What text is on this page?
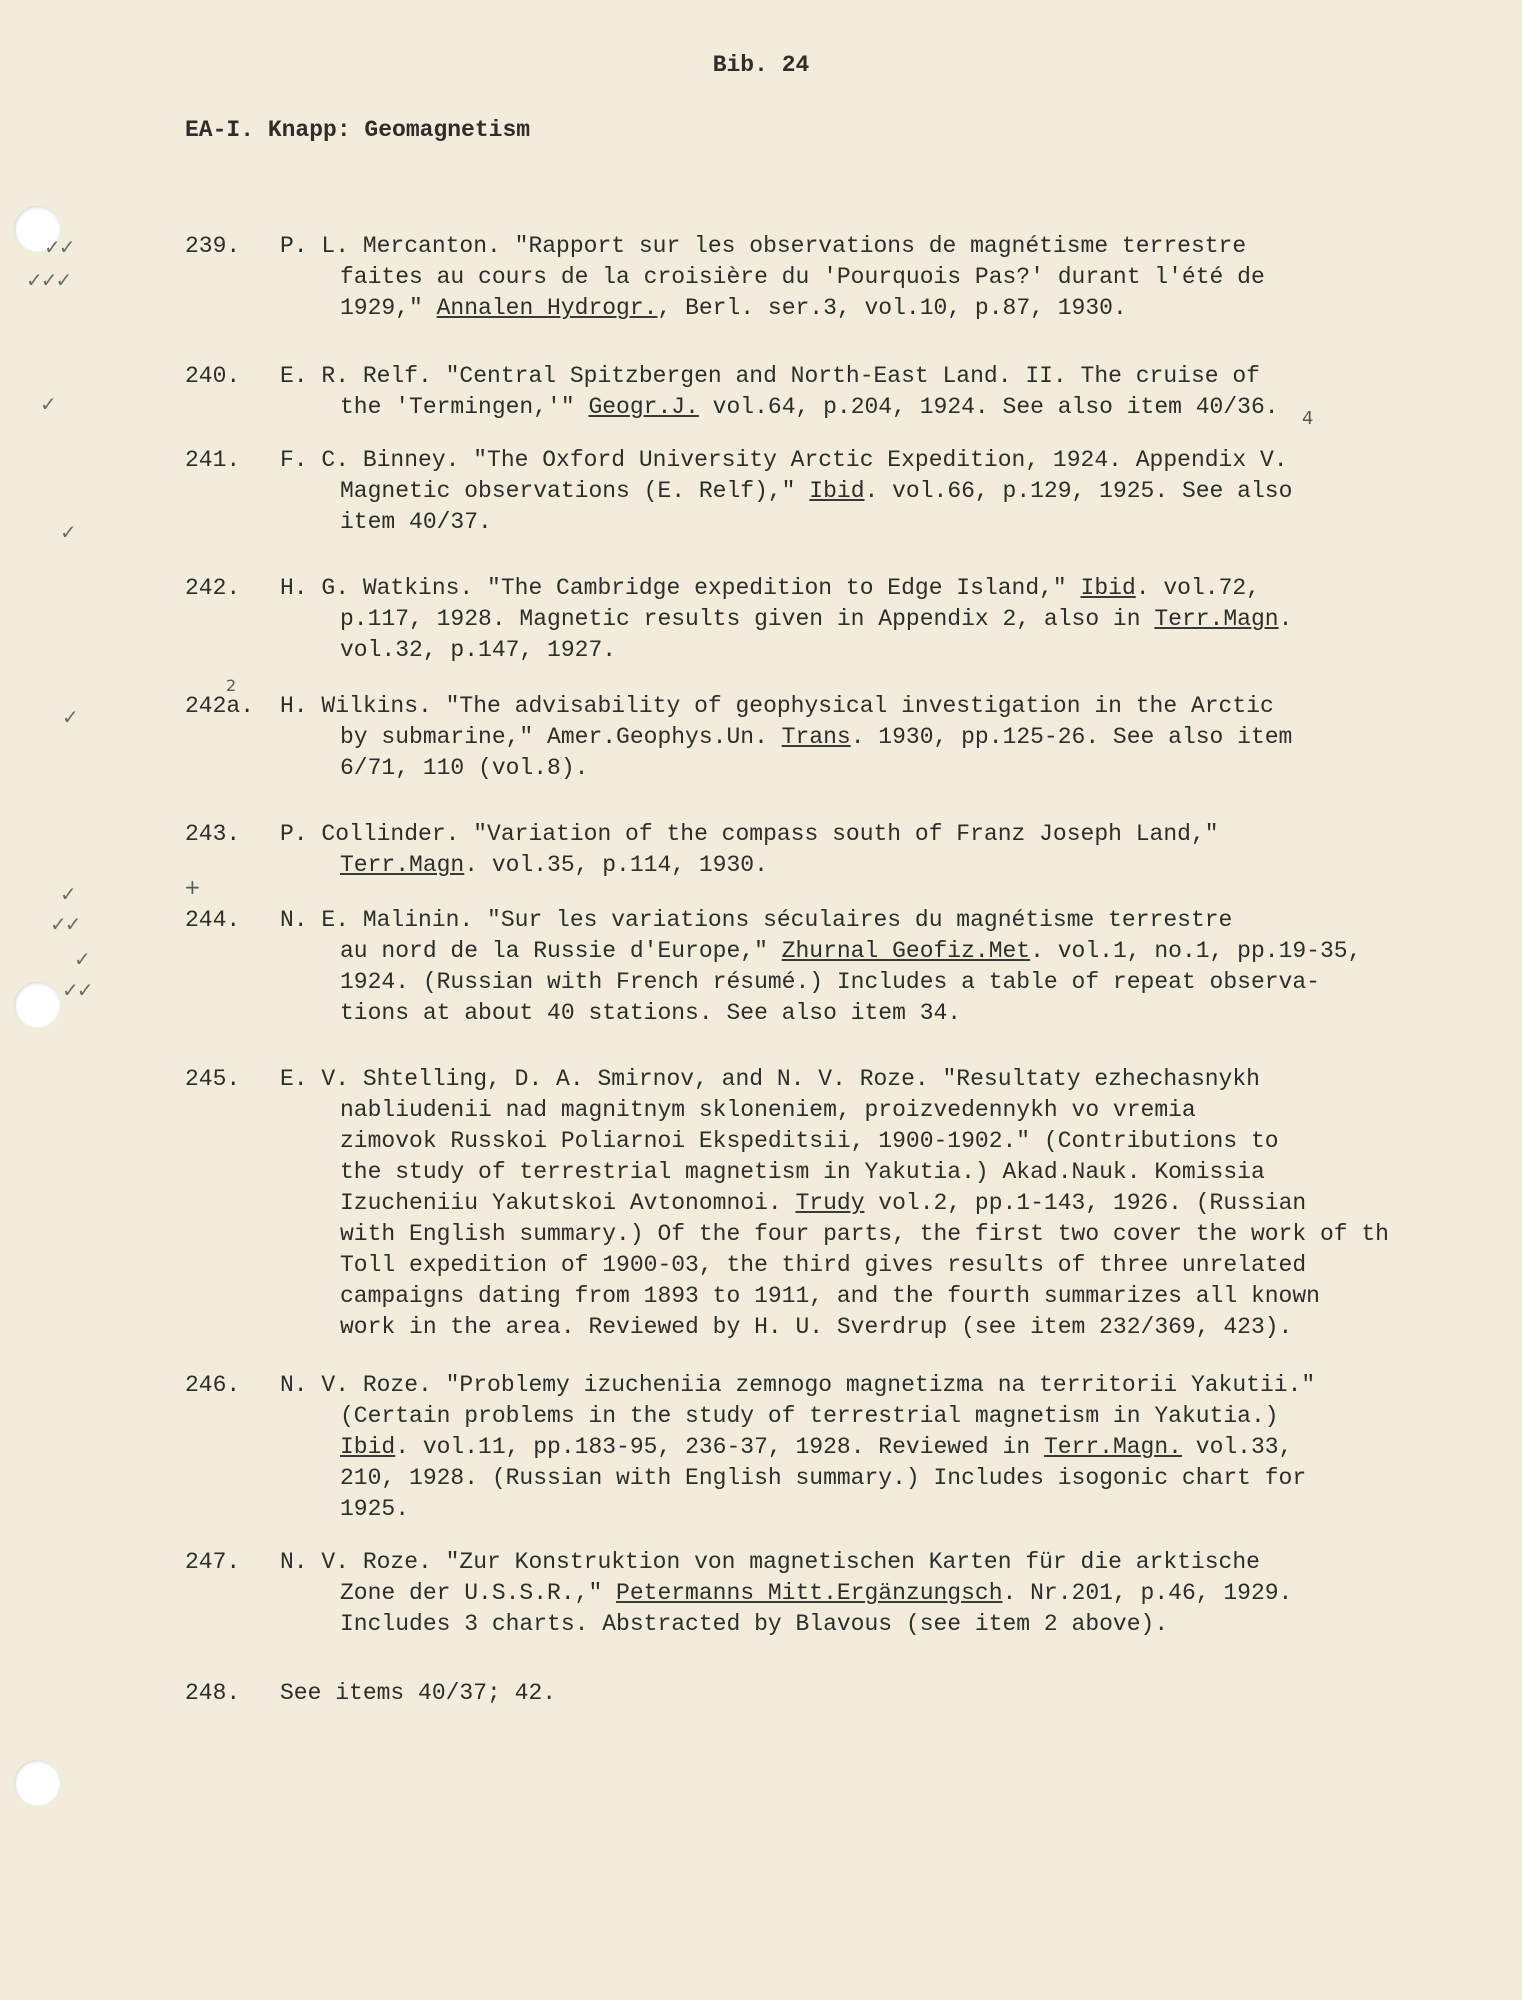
Bib. 24
EA-I. Knapp: Geomagnetism
✓✓
✓✓✓
✓
✓
✓
✓
✓✓
✓
✓✓
+
2
4
239.	P. L. Mercanton. "Rapport sur les observations de magnétisme terrestre
faites au cours de la croisière du 'Pourquois Pas?' durant l'été de
1929," Annalen Hydrogr., Berl. ser.3, vol.10, p.87, 1930.
240.	E. R. Relf. "Central Spitzbergen and North-East Land. II. The cruise of
the 'Termingen,'" Geogr.J. vol.64, p.204, 1924. See also item 40/36.
241.	F. C. Binney. "The Oxford University Arctic Expedition, 1924. Appendix V.
Magnetic observations (E. Relf)," Ibid. vol.66, p.129, 1925. See also
item 40/37.
242.	H. G. Watkins. "The Cambridge expedition to Edge Island," Ibid. vol.72,
p.117, 1928. Magnetic results given in Appendix 2, also in Terr.Magn.
vol.32, p.147, 1927.
242a.	H. Wilkins. "The advisability of geophysical investigation in the Arctic
by submarine," Amer.Geophys.Un. Trans. 1930, pp.125-26. See also item
6/71, 110 (vol.8).
243.	P. Collinder. "Variation of the compass south of Franz Joseph Land,"
Terr.Magn. vol.35, p.114, 1930.
244.	N. E. Malinin. "Sur les variations séculaires du magnétisme terrestre
au nord de la Russie d'Europe," Zhurnal Geofiz.Met. vol.1, no.1, pp.19-35,
1924. (Russian with French résumé.) Includes a table of repeat observa-
tions at about 40 stations. See also item 34.
245.	E. V. Shtelling, D. A. Smirnov, and N. V. Roze. "Resultaty ezhechasnykh
nabliudenii nad magnitnym skloneniem, proizvedennykh vo vremia
zimovok Russkoi Poliarnoi Ekspeditsii, 1900-1902." (Contributions to
the study of terrestrial magnetism in Yakutia.) Akad.Nauk. Komissia
Izucheniiu Yakutskoi Avtonomnoi. Trudy vol.2, pp.1-143, 1926. (Russian
with English summary.) Of the four parts, the first two cover the work of th
Toll expedition of 1900-03, the third gives results of three unrelated
campaigns dating from 1893 to 1911, and the fourth summarizes all known
work in the area. Reviewed by H. U. Sverdrup (see item 232/369, 423).
246.	N. V. Roze. "Problemy izucheniia zemnogo magnetizma na territorii Yakutii."
(Certain problems in the study of terrestrial magnetism in Yakutia.)
Ibid. vol.11, pp.183-95, 236-37, 1928. Reviewed in Terr.Magn. vol.33,
210, 1928. (Russian with English summary.) Includes isogonic chart for
1925.
247.	N. V. Roze. "Zur Konstruktion von magnetischen Karten für die arktische
Zone der U.S.S.R.," Petermanns Mitt.Ergänzungsch. Nr.201, p.46, 1929.
Includes 3 charts. Abstracted by Blavous (see item 2 above).
248.	See items 40/37; 42.
